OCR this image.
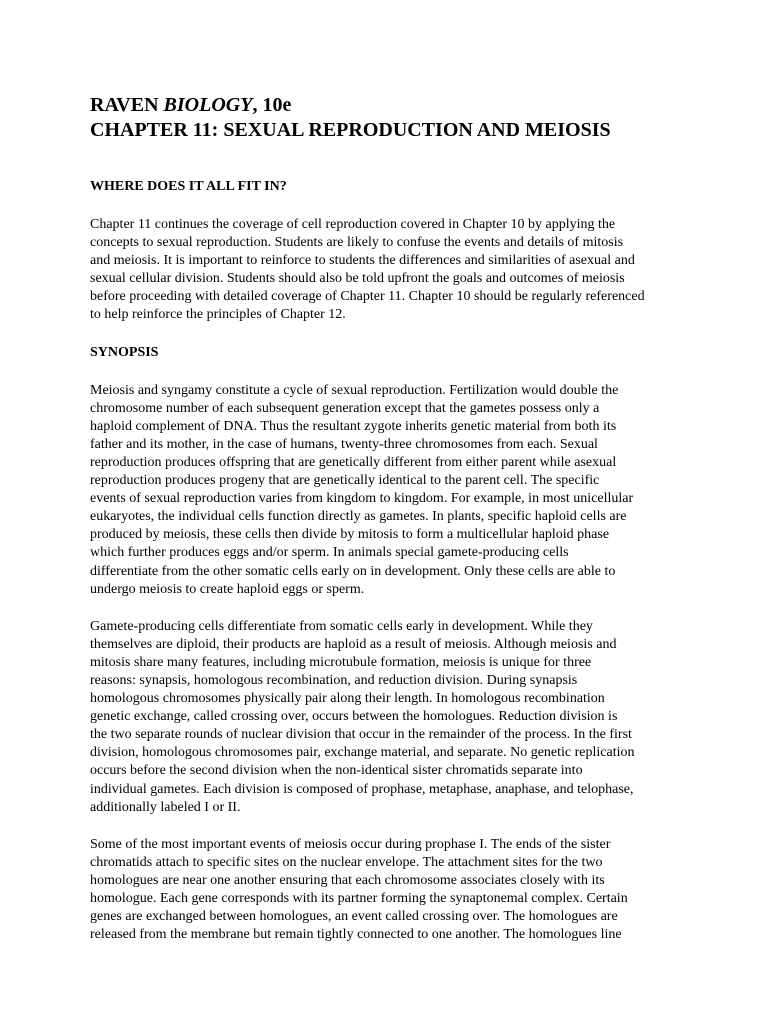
RAVEN BIOLOGY, 10e
CHAPTER 11: SEXUAL REPRODUCTION AND MEIOSIS
WHERE DOES IT ALL FIT IN?

Chapter 11 continues the coverage of cell reproduction covered in Chapter 10 by applying the
concepts to sexual reproduction. Students are likely to confuse the events and details of mitosis
and meiosis. It is important to reinforce to students the differences and similarities of asexual and
sexual cellular division. Students should also be told upfront the goals and outcomes of meiosis
before proceeding with detailed coverage of Chapter 11. Chapter 10 should be regularly referenced
to help reinforce the principles of Chapter 12.

SYNOPSIS

Meiosis and syngamy constitute a cycle of sexual reproduction. Fertilization would double the
chromosome number of each subsequent generation except that the gametes possess only a
haploid complement of DNA. Thus the resultant zygote inherits genetic material from both its
father and its mother, in the case of humans, twenty-three chromosomes from each. Sexual
reproduction produces offspring that are genetically different from either parent while asexual
reproduction produces progeny that are genetically identical to the parent cell. The specific
events of sexual reproduction varies from kingdom to kingdom. For example, in most unicellular
eukaryotes, the individual cells function directly as gametes. In plants, specific haploid cells are
produced by meiosis, these cells then divide by mitosis to form a multicellular haploid phase
which further produces eggs and/or sperm. In animals special gamete-producing cells
differentiate from the other somatic cells early on in development. Only these cells are able to
undergo meiosis to create haploid eggs or sperm.

Gamete-producing cells differentiate from somatic cells early in development. While they
themselves are diploid, their products are haploid as a result of meiosis. Although meiosis and
mitosis share many features, including microtubule formation, meiosis is unique for three
reasons: synapsis, homologous recombination, and reduction division. During synapsis
homologous chromosomes physically pair along their length. In homologous recombination
genetic exchange, called crossing over, occurs between the homologues. Reduction division is
the two separate rounds of nuclear division that occur in the remainder of the process. In the first
division, homologous chromosomes pair, exchange material, and separate. No genetic replication
occurs before the second division when the non-identical sister chromatids separate into
individual gametes. Each division is composed of prophase, metaphase, anaphase, and telophase,
additionally labeled I or II.

Some of the most important events of meiosis occur during prophase I. The ends of the sister
chromatids attach to specific sites on the nuclear envelope. The attachment sites for the two
homologues are near one another ensuring that each chromosome associates closely with its
homologue. Each gene corresponds with its partner forming the synaptonemal complex. Certain
genes are exchanged between homologues, an event called crossing over. The homologues are
released from the membrane but remain tightly connected to one another. The homologues line
